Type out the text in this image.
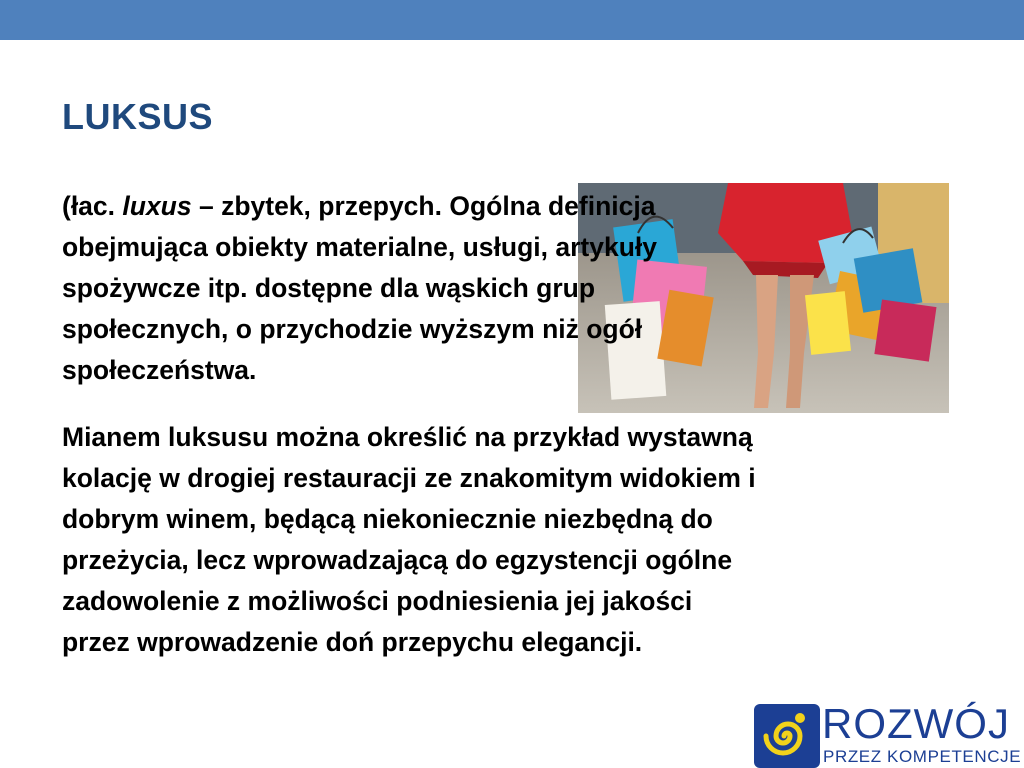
LUKSUS
(łac. luxus – zbytek, przepych. Ogólna definicja
obejmująca obiekty materialne, usługi, artykuły
spożywcze itp. dostępne dla wąskich grup
społecznych, o przychodzie wyższym niż ogół
społeczeństwa.
Mianem luksusu można określić na przykład wystawną
kolację w drogiej restauracji ze znakomitym widokiem i
dobrym winem, będącą niekoniecznie niezbędną do
przeżycia, lecz wprowadzającą do egzystencji ogólne
zadowolenie z możliwości podniesienia jej jakości
przez wprowadzenie doń przepychu elegancji.
ROZWÓJ
PRZEZ KOMPETENCJE
